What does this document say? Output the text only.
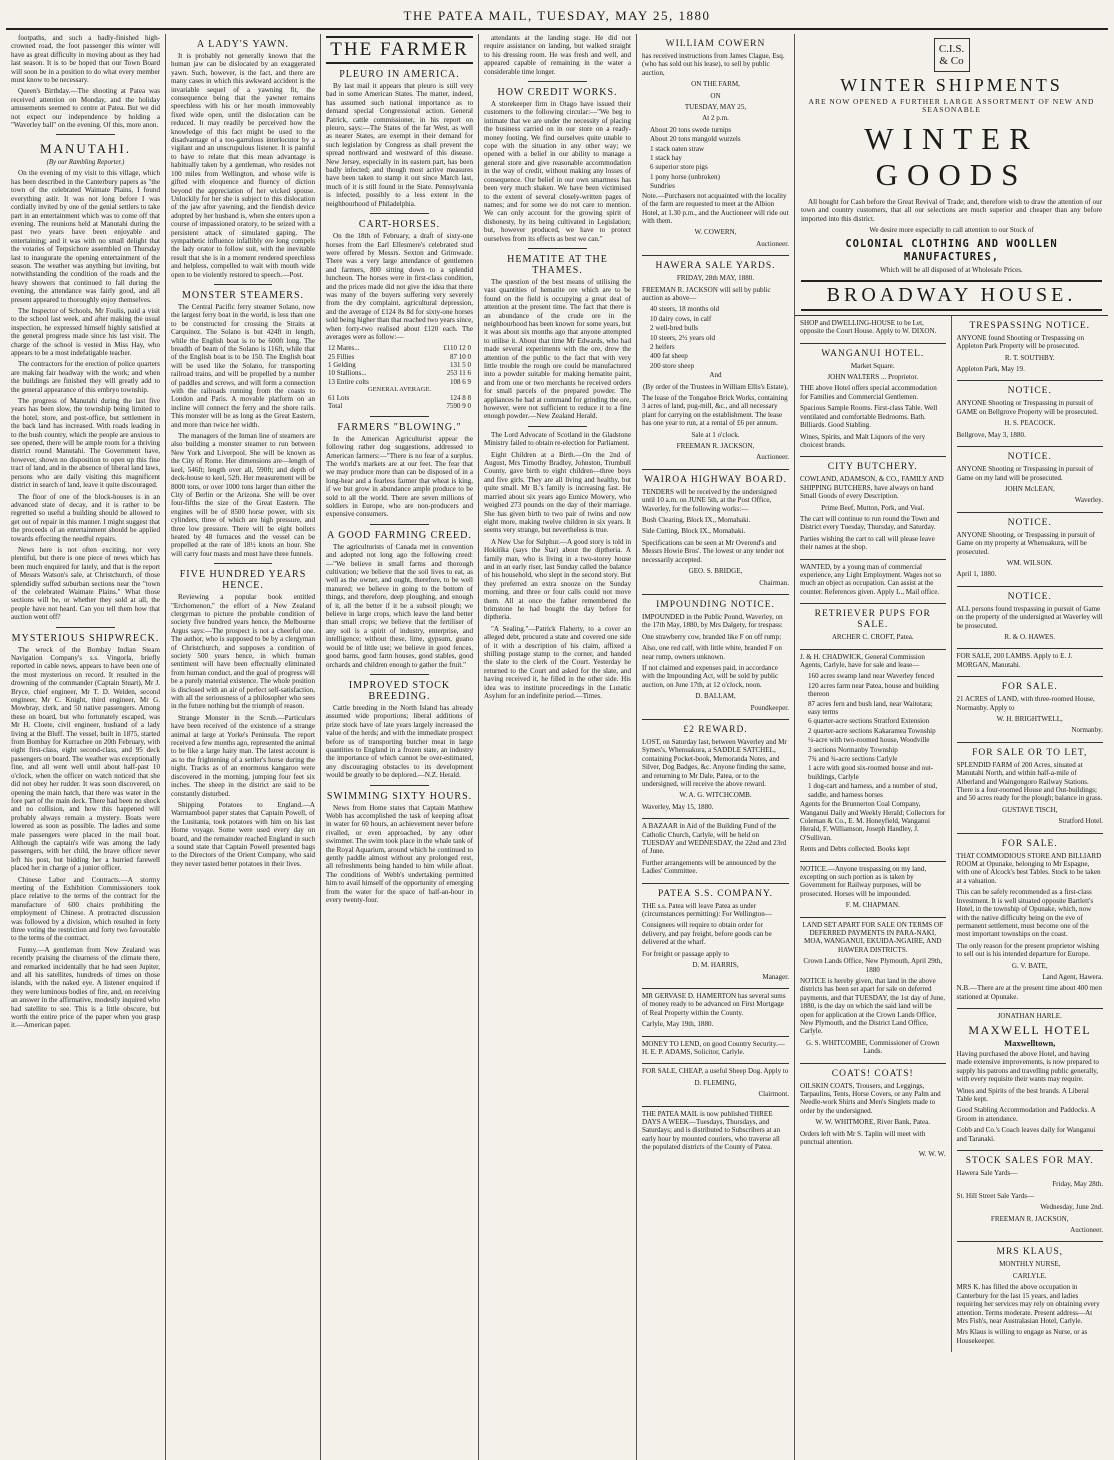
THE PATEA MAIL, TUESDAY, MAY 25, 1880

footpaths, and such a badly-finished high-crowned road, the foot passenger this winter will have as great difficulty in moving about as they had last season. It is to be hoped that our Town Board will soon be in a position to do what every member must know to be necessary.

Queen's Birthday.—The shooting at Patea was received attention on Monday, and the holiday amusements seemed to centre at Patea. But we did not expect our independence by holding a "Waverley ball" on the evening. Of this, more anon.

MANUTAHI.
(By our Rambling Reporter.)

On the evening of my visit to this village, which has been described in the Canterbury papers as "the town of the celebrated Waimate Plains, I found everything astir. It was not long before I was cordially invited by one of the genial settlers to take part in an entertainment which was to come off that evening. The reunions held at Manutahi during the past two years have been enjoyable and entertaining; and it was with no small delight that the votaries of Terpsichore assembled on Thursday last to inaugurate the opening entertainment of the season. The weather was anything but inviting, but notwithstanding the condition of the roads and the heavy showers that continued to fall during the evening, the attendance was fairly good, and all present appeared to thoroughly enjoy themselves.

The Inspector of Schools, Mr Foulis, paid a visit to the school last week, and after making the usual inspection, he expressed himself highly satisfied at the general progress made since his last visit. The charge of the school is vested in Miss Hay, who appears to be a most indefatigable teacher.

The contractors for the erection of police quarters are making fair headway with the work; and when the buildings are finished they will greatly add to the general appearance of this embryo township.

The progress of Manutahi during the last five years has been slow, the township being limited to the hotel, store, and post-office, but settlement in the back land has increased. With roads leading in to the bush country, which the people are anxious to see opened, there will be ample room for a thriving district round Manutahi. The Government have, however, shown no disposition to open up this fine tract of land, and in the absence of liberal land laws, persons who are daily visiting this magnificent district in search of land, leave it quite discouraged.

The floor of one of the block-houses is in an advanced state of decay, and it is rather to be regretted so useful a building should be allowed to get out of repair in this manner. I might suggest that the proceeds of an entertainment should be applied towards effecting the needful repairs.

News here is not often exciting, nor very plentiful, but there is one piece of news which has been much enquired for lately, and that is the report of Messrs Watson's sale, at Christchurch, of those splendidly suffed suburban sections near the "town of the celebrated Waimate Plains." What those sections will be, or whether they sold at all, the people have not heard. Can you tell them how that auction went off?

MYSTERIOUS SHIPWRECK.

The wreck of the Bombay Indian Steam Navigation Company's s.s. Vingorla, briefly reported in cable news, appears to have been one of the most mysterious on record. It resulted in the drowning of the commander (Captain Stuart), Mr J. Bryce, chief engineer, Mr T. D. Welden, second engineer, Mr C. Knight, third engineer, Mr G. Mowbray, clerk, and 50 native passengers. Among these on board, but who fortunately escaped, was Mr H. Cloete, civil engineer, husband of a lady living at the Bluff. The vessel, built in 1875, started from Bombay for Kurrachee on 20th February, with eight first-class, eight second-class, and 95 deck passengers on board. The weather was exceptionally fine, and all went well until about half-past 10 o'clock, when the officer on watch noticed that she did not obey her rudder. It was soon discovered, on opening the main hatch, that there was water in the fore part of the main deck. There had been no shock and no collision, and how this happened will probably always remain a mystery. Boats were lowered as soon as possible. The ladies and some male passengers were placed in the mail boat. Although the captain's wife was among the lady passengers, with her child, the brave officer never left his post, but bidding her a hurried farewell placed her in charge of a junior officer.

Chinese Labor and Contracts.—A stormy meeting of the Exhibition Commissioners took place relative to the terms of the contract for the manufacture of 600 chairs prohibiting the employment of Chinese. A protracted discussion was followed by a division, which resulted in forty three voting the restriction and forty two favourable to the terms of the contract.

Funny.—A gentleman from New Zealand was recently praising the clearness of the climate there, and remarked incidentally that he had seen Jupiter, and all his satellites, hundreds of times on those islands, with the naked eye. A listener enquired if they were luminous bodies of fire, and, on receiving an answer in the affirmative, modestly inquired who had satellite to see. This is a little obscure, but worth the entire price of the paper when you grasp it.—American paper.

A LADY'S YAWN.

It is probably not generally known that the human jaw can be dislocated by an exaggerated yawn. Such, however, is the fact, and there are many cases in which this awkward accident is the invariable sequel of a yawning fit, the consequence being that the yawner remains speechless with his or her mouth immoveably fixed wide open, until the dislocation can be reduced. It may readily be perceived how the knowledge of this fact might be used to the disadvantage of a too-garrulous interlocutor by a vigilant and an unscrupulous listener. It is painful to have to relate that this mean advantage is habitually taken by a gentleman, who resides not 100 miles from Wellington, and whose wife is gifted with eloquence and fluency of diction beyond the appreciation of her wicked spouse. Unluckily for her she is subject to this dislocation of the jaw after yawning, and the fiendish device adopted by her husband is, when she enters upon a course of impassioned oratory, to be seized with a persistent attack of simulated gaping. The sympathetic influence infallibly ere long compels the lady orator to follow suit, with the inevitable result that she is in a moment rendered speechless and helpless, compelled to wait with mouth wide open to be violently restored to speech.—Post.

MONSTER STEAMERS.

The Central Pacific ferry steamer Solano, now the largest ferry boat in the world, is less than one to be constructed for crossing the Straits at Carquinez. The Solano is but 424ft in length, while the English boat is to be 600ft long. The breadth of beam of the Solano is 116ft, while that of the English boat is to be 150. The English boat will be used like the Solano, for transporting railroad trains, and will be propelled by a number of paddles and screws, and will form a connection with the railroads running from the coasts to London and Paris. A movable platform on an incline will connect the ferry and the shore rails. This monster will be as long as the Great Eastern, and more than twice her width.

The managers of the Inman line of steamers are also building a monster steamer to run between New York and Liverpool. She will be known as the City of Rome. Her dimensions are—length of keel, 546ft; length over all, 590ft; and depth of deck-house to keel, 52ft. Her measurement will be 8000 tons, or over 1000 tons larger than either the City of Berlin or the Arizona. She will be over four-fifths the size of the Great Eastern. The engines will be of 8500 horse power, with six cylinders, three of which are high pressure, and three low pressure. There will be eight boilers heated by 48 furnaces and the vessel can be propelled at the rate of 18½ knots an hour. She will carry four masts and must have three funnels.

FIVE HUNDRED YEARS HENCE.

Reviewing a popular book entitled "Erchomenon," the effort of a New Zealand clergyman to picture the probable condition of society five hundred years hence, the Melbourne Argus says:—The prospect is not a cheerful one. The author, who is supposed to be by a clergyman of Christchurch, and supposes a condition of society 500 years hence, in which human sentiment will have been effectually eliminated from human conduct, and the goal of progress will be a purely material existence. The whole position is disclosed with an air of perfect self-satisfaction, with all the seriousness of a philosopher who sees in the future nothing but the triumph of reason.

Strange Monster in the Scrub.—Particulars have been received of the existence of a strange animal at large at Yorke's Peninsula. The report received a few months ago, represented the animal to be like a large hairy man. The latest account is as to the frightening of a settler's horse during the night. Tracks as of an enormous kangaroo were discovered in the morning, jumping four feet six inches. The sheep in the district are said to be constantly disturbed.

Shipping Potatoes to England.—A Warrnambool paper states that Captain Powell, of the Lusitania, took potatoes with him on his last Home voyage. Some were used every day on board, and the remainder reached England in such a sound state that Captain Powell presented bags to the Directors of the Orient Company, who said they never tasted better potatoes in their lives.

THE FARMER
PLEURO IN AMERICA.

By last mail it appears that pleuro is still very bad in some American States. The matter, indeed, has assumed such national importance as to demand special Congressional action. General Patrick, cattle commissioner, in his report on pleuro, says:—The States of the far West, as well as nearer States, are exempt in their demand for such legislation by Congress as shall prevent the spread northward and westward of this disease. New Jersey, especially in its eastern part, has been badly infected; and though most active measures have been taken to stamp it out since March last, much of it is still found in the State. Pennsylvania is infected, possibly to a less extent in the neighbourhood of Philadelphia.

CART-HORSES.

On the 18th of February, a draft of sixty-one horses from the Earl Ellesmere's celebrated stud were offered by Messrs. Sexton and Grimwade. There was a very large attendance of gentlemen and farmers, 800 sitting down to a splendid luncheon. The horses were in first-class condition, and the prices made did not give the idea that there was many of the buyers suffering very severely from the dry complaint, agricultural depression, and the average of £124 8s 8d for sixty-one horses sold being higher than that reached two years since, when forty-two realised about £120 each. The averages were as follow:—

12 Mares...	£110 12 0
25 Fillies	87 10 0
1 Gelding	131 5 0
10 Stallions...	253 11 6
13 Entire colts	108 6 9
GENERAL AVERAGE.	
61 Lots	124 8 8
Total	7590 9 0
FARMERS "BLOWING."

In the American Agriculturist appear the following rather dog suggestions, addressed to American farmers:—"There is no fear of a surplus. The world's markets are at our feet. The fear that we may produce more than can be disposed of in a long-hear and a fearless farmer that wheat is king, if we but grow in abundance ample produce to be sold to all the world. There are seven millions of soldiers in Europe, who are non-producers and expensive consumers.

A GOOD FARMING CREED.

The agriculturists of Canada met in convention and adopted not long ago the following creed:—"We believe in small farms and thorough cultivation; we believe that the soil lives to eat, as well as the owner, and ought, therefore, to be well manured; we believe in going to the bottom of things, and therefore, deep ploughing, and enough of it, all the better if it be a subsoil plough; we believe in large crops, which leave the land better than small crops; we believe that the fertiliser of any soil is a spirit of industry, enterprise, and intelligence; without these, lime, gypsum, guano would be of little use; we believe in good fences, good barns, good farm houses, good stables, good orchards and children enough to gather the fruit."

IMPROVED STOCK BREEDING.

Cattle breeding in the North Island has already assumed wide proportions; liberal additions of prize stock have of late years largely increased the value of the herds; and with the immediate prospect before us of transporting butcher meat in large quantities to England in a frozen state, an industry the importance of which cannot be over-estimated, any discouraging obstacles to its development would be greatly to be deplored.—N.Z. Herald.

SWIMMING SIXTY HOURS.

News from Home states that Captain Matthew Webb has accomplished the task of keeping afloat in water for 60 hours, an achievement never before rivalled, or even approached, by any other swimmer. The swim took place in the whale tank of the Royal Aquarium, around which he continued to gently paddle almost without any prolonged rest, all refreshments being handed to him while afloat. The conditions of Webb's undertaking permitted him to avail himself of the opportunity of emerging from the water for the space of half-an-hour in every twenty-four.

attendants at the landing stage. He did not require assistance on landing, but walked straight to his dressing room. He was fresh and well, and appeared capable of remaining in the water a considerable time longer.

HOW CREDIT WORKS.

A storekeeper firm in Otago have issued their customers to the following circular:—"We beg to intimate that we are under the necessity of placing the business carried on in our store on a ready-money footing. We find ourselves quite unable to cope with the situation in any other way; we opened with a belief in our ability to manage a general store and give reasonable accommodation in the way of credit, without making any losses of consequence. Our belief in our own smartness has been very much shaken. We have been victimised to the extent of several closely-written pages of names; and for some we do not care to mention. We can only account for the growing spirit of dishonesty, by its being cultivated in Legislation; but, however produced, we have to protect ourselves from its effects as best we can."

HEMATITE AT THE THAMES.

The question of the best means of utilising the vast quantities of hematite ore which are to be found on the field is occupying a great deal of attention at the present time. The fact that there is an abundance of the crude ore in the neighbourhood has been known for some years, but it was about six months ago that anyone attempted to utilise it. About that time Mr Edwards, who had made several experiments with the ore, drew the attention of the public to the fact that with very little trouble the rough ore could be manufactured into a powder suitable for making hematite paint, and from one or two merchants he received orders for small parcels of the prepared powder. The appliances he had at command for grinding the ore, however, were not sufficient to reduce it to a fine enough powder.—New Zealand Herald.

The Lord Advocate of Scotland in the Gladstone Ministry failed to obtain re-election for Parliament.

Eight Children at a Birth.—On the 2nd of August, Mrs Timothy Bradley, Johnston, Trumbull County, gave birth to eight children—three boys and five girls. They are all living and healthy, but quite small. Mr B.'s family is increasing fast. He married about six years ago Eunice Mowery, who weighed 273 pounds on the day of their marriage. She has given birth to two pair of twins and now eight more, making twelve children in six years. It seems very strange, but nevertheless is true.

A New Use for Sulphur.—A good story is told in Hokitika (says the Star) about the diptheria. A family man, who is living in a two-storey house and in an early riser, last Sunday called the balance of his household, who slept in the second story. But they preferred an extra snooze on the Sunday morning, and three or four calls could not move them. All at once the father remembered the brimstone he had bought the day before for diptheria.

"A Sealing."—Patrick Flaherty, to a cover an alleged debt, procured a state and covered one side of it with a description of his claim, affixed a shilling postage stamp to the corner, and handed the slate to the clerk of the Court. Yesterday he returned to the Court and asked for the slate, and having received it, he filled in the other side. His idea was to institute proceedings in the Lunatic Asylum for an indefinite period.—Times.

WILLIAM COWERN

has received instructions from James Clague, Esq. (who has sold out his lease), to sell by public auction,

ON THE FARM,

ON

TUESDAY, MAY 25,

At 2 p.m.

About 20 tons swede turnips

About 20 tons mangold wurzels

1 stack oaten straw

1 stack hay

6 superior store pigs

1 pony horse (unbroken)

Sundries

Note.—Purchasers not acquainted with the locality of the farm are requested to meet at the Albion Hotel, at 1.30 p.m., and the Auctioneer will ride out with them.

W. COWERN,

Auctioneer.

HAWERA SALE YARDS.

FRIDAY, 28th MAY, 1880.

FREEMAN R. JACKSON will sell by public auction as above—

40 steers, 18 months old

10 dairy cows, in calf

2 well-bred bulls

10 steers, 2½ years old

2 heifers

400 fat sheep

200 store sheep

And

(By order of the Trustees in William Ellis's Estate),

The lease of the Tongahoe Brick Works, containing 3 acres of land, pug-mill, &c., and all necessary plant for carrying on the establishment. The lease has one year to run, at a rental of £6 per annum.

Sale at 1 o'clock.

FREEMAN R. JACKSON,

Auctioneer.

WAIROA HIGHWAY BOARD.

TENDERS will be received by the undersigned until 10 a.m. on JUNE 5th, at the Post Office, Waverley, for the following works:—

Bush Clearing, Block IX., Momahaki.

Side Cutting, Block IX., Momahaki.

Specifications can be seen at Mr Overend's and Messrs Howie Bros'. The lowest or any tender not necessarily accepted.

GEO. S. BRIDGE,

Chairman.

IMPOUNDING NOTICE.

IMPOUNDED in the Public Pound, Waverley, on the 17th May, 1880, by Mrs Dalgety, for trespass:

One strawberry cow, branded like F on off rump;

Also, one red calf, with little white, branded F on near rump, owners unknown.

If not claimed and expenses paid, in accordance with the Impounding Act, will be sold by public auction, on June 17th, at 12 o'clock, noon.

D. BALLAM,

Poundkeeper.

£2 REWARD.

LOST, on Saturday last, between Waverley and Mr Symes's, Whenuakura, a SADDLE SATCHEL, containing Pocket-book, Memoranda Notes, and Silver, Dog Badges, &c. Anyone finding the same, and returning to Mr Dale, Patea, or to the undersigned, will receive the above reward.

W. A. G. WITCHCOMB.

Waverley, May 15, 1880.

A BAZAAR in Aid of the Building Fund of the Catholic Church, Carlyle, will be held on TUESDAY and WEDNESDAY, the 22nd and 23rd of June.

Further arrangements will be announced by the Ladies' Committee.

PATEA S.S. COMPANY.

THE s.s. Patea will leave Patea as under (circumstances permitting): For Wellington—

Consignees will require to obtain order for delivery, and pay freight, before goods can be delivered at the wharf.

For freight or passage apply to

D. M. HARRIS,

Manager.

MR GERVASE D. HAMERTON has several sums of money ready to be advanced on First Mortgage of Real Property within the County.

Carlyle, May 19th, 1880.

MONEY TO LEND, on good Country Security.—H. E. P. ADAMS, Solicitor, Carlyle.

FOR SALE, CHEAP, a useful Sheep Dog. Apply to

D. FLEMING,

Clairmont.

THE PATEA MAIL is now published THREE DAYS A WEEK—Tuesdays, Thursdays, and Saturdays; and is distributed to Subscribers at an early hour by mounted couriers, who traverse all the populated districts of the County of Patea.

C.I.S.
& Co
WINTER SHIPMENTS

ARE NOW OPENED A FURTHER LARGE ASSORTMENT OF NEW AND SEASONABLE

WINTER GOODS

All bought for Cash before the Great Revival of Trade; and, therefore wish to draw the attention of our town and country customers, that all our selections are much superior and cheaper than any before imported into this district.

We desire more especially to call attention to our Stock of

COLONIAL CLOTHING AND WOOLLEN MANUFACTURES,

Which will be all disposed of at Wholesale Prices.

BROADWAY HOUSE.

SHOP and DWELLING-HOUSE to be Let, opposite the Court House. Apply to W. DIXON.

WANGANUI HOTEL.

Market Square.

JOHN WALTERS ... Proprietor.

THE above Hotel offers special accommodation for Families and Commercial Gentlemen.

Spacious Sample Rooms. First-class Table. Well ventilated and comfortable Bedrooms. Bath. Billiards. Good Stabling.

Wines, Spirits, and Malt Liquors of the very choicest brands.

CITY BUTCHERY.

COWLAND, ADAMSON, & CO., FAMILY AND SHIPPING BUTCHERS, have always on hand Small Goods of every Description.

Prime Beef, Mutton, Pork, and Veal.

The cart will continue to run round the Town and District every Tuesday, Thursday, and Saturday.

Parties wishing the cart to call will please leave their names at the shop.

WANTED, by a young man of commercial experience, any Light Employment. Wages not so much an object as occupation. Can assist at the counter. References given. Apply L., Mail office.

RETRIEVER PUPS FOR SALE.

ARCHER C. CROFT, Patea.

J. & H. CHADWICK, General Commission Agents, Carlyle, have for sale and lease—

160 acres swamp land near Waverley fenced

120 acres farm near Patea, house and building thereon

87 acres fern and bush land, near Waitotara; easy terms

6 quarter-acre sections Stratford Extension

2 quarter-acre sections Kakaramea Township

¼-acre with two-roomed house, Woodville

3 sections Normanby Township

7¾ and ¾-acre sections Carlyle

1 acre with good six-roomed house and out-buildings, Carlyle

1 dog-cart and harness, and a number of stud, saddle, and harness horses

Agents for the Brunnerton Coal Company, Wanganui Daily and Weekly Herald; Collectors for Coleman & Co., E. M. Honeyfield, Wanganui Herald, F. Williamson, Joseph Handley, J. O'Sullivan.

Rents and Debts collected. Books kept

NOTICE.—Anyone trespassing on my land, excepting on such portion as is taken by Government for Railway purposes, will be prosecuted. Horses will be impounded.

F. M. CHAPMAN.

LAND SET APART FOR SALE ON TERMS OF DEFERRED PAYMENTS IN PARA-NAKI, MOA, WANGANUI, EKUIDA-NGAIRE, AND HAWERA DISTRICTS.

Crown Lands Office, New Plymouth, April 29th, 1880

NOTICE is hereby given, that land in the above districts has been set apart for sale on deferred payments, and that TUESDAY, the 1st day of June, 1880, is the day on which the said land will be open for application at the Crown Lands Office, New Plymouth, and the District Land Office, Carlyle.

G. S. WHITCOMBE, Commissioner of Crown Lands.

COATS! COATS!

OILSKIN COATS, Trousers, and Leggings, Tarpaulins, Tents, Horse Covers, or any Palm and Needle-work Shirts and Men's Singlets made to order by the undersigned.

W. W. WHITMORE, River Bank, Patea.

Orders left with Mr S. Taplin will meet with punctual attention.

W. W. W.

TRESPASSING NOTICE.

ANYONE found Shooting or Trespassing on Appleton Park Property will be prosecuted.

R. T. SOUTHBY.

Appleton Park, May 19.

NOTICE.

ANYONE Shooting or Trespassing in pursuit of GAME on Bellgrove Property will be prosecuted.

H. S. PEACOCK.

Bellgrove, May 3, 1880.

NOTICE.

ANYONE Shooting or Trespassing in pursuit of Game on my land will be prosecuted.

JOHN McLEAN,

Waverley.

NOTICE.

ANYONE Shooting, or Trespassing in pursuit of Game on my property at Whenuakura, will be prosecuted.

WM. WILSON.

April 1, 1880.

NOTICE.

ALL persons found trespassing in pursuit of Game on the property of the undersigned at Waverley will be prosecuted.

R. & O. HAWES.

FOR SALE, 200 LAMBS. Apply to E. J. MORGAN, Manutahi.

FOR SALE.

21 ACRES of LAND, with three-roomed House, Normanby. Apply to

W. H. BRIGHTWELL,

Normanby.

FOR SALE OR TO LET,

SPLENDID FARM of 200 Acres, situated at Manutahi North, and within half-a-mile of Alberland and Waingongoro Railway Stations. There is a four-roomed House and Out-buildings; and 50 acres ready for the plough; balance in grass.

GUSTAVE TISCH,

Stratford Hotel.

FOR SALE.

THAT COMMODIOUS STORE AND BILLIARD ROOM at Opunake, belonging to Mr Espagne, with one of Alcock's best Tables. Stock to be taken at a valuation.

This can be safely recommended as a first-class Investment. It is well situated opposite Bartlett's Hotel, in the township of Opunake, which, now with the native difficulty being on the eve of permanent settlement, must become one of the most important townships on the coast.

The only reason for the present proprietor wishing to sell out is his intended departure for Europe.

G. V. BATE,

Land Agent, Hawera.

N.B.—There are at the present time about 400 men stationed at Opunake.

JONATHAN HARLE.

MAXWELL HOTEL

Maxwelltown,

Having purchased the above Hotel, and having made extensive improvements, is now prepared to supply his patrons and travelling public generally, with every requisite their wants may require.

Wines and Spirits of the best brands. A Liberal Table kept.

Good Stabling Accommodation and Paddocks. A Groom in attendance.

Cobb and Co.'s Coach leaves daily for Wanganui and Taranaki.

STOCK SALES FOR MAY.

Hawera Sale Yards—

Friday, May 28th.

St. Hill Street Sale Yards—

Wednesday, June 2nd.

FREEMAN R. JACKSON,

Auctioneer.

MRS KLAUS,

MONTHLY NURSE,

CARLYLE.

MRS K. has filled the above occupation in Canterbury for the last 15 years, and ladies requiring her services may rely on obtaining every attention. Terms moderate. Present address—At Mrs Fish's, near Australasian Hotel, Carlyle.

Mrs Klaus is willing to engage as Nurse, or as Housekeeper.
